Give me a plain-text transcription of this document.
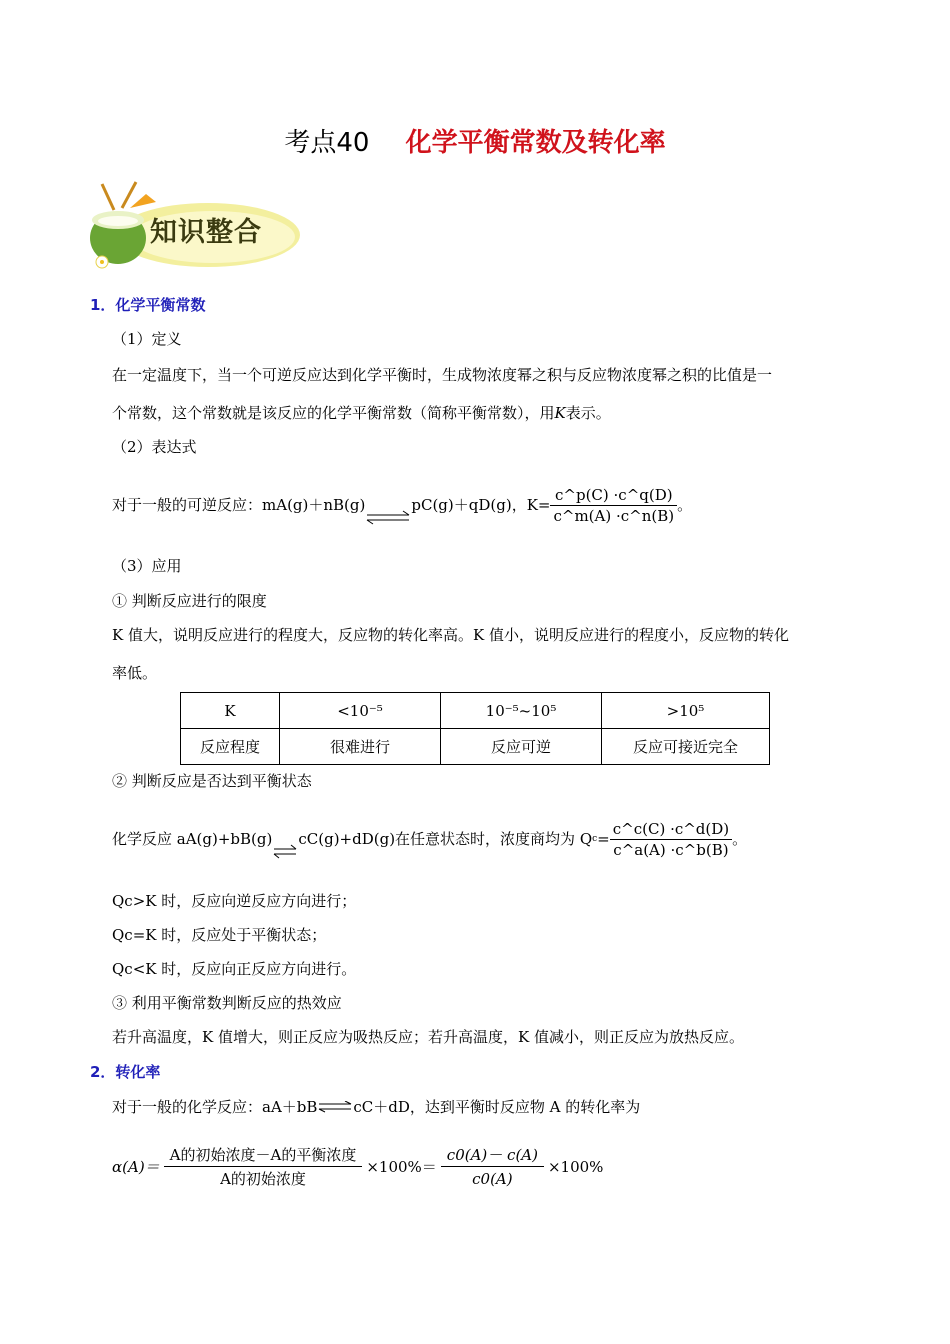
考点40 化学平衡常数及转化率
知识整合
1．化学平衡常数
（1）定义
在一定温度下，当一个可逆反应达到化学平衡时，生成物浓度幂之积与反应物浓度幂之积的比值是一
个常数，这个常数就是该反应的化学平衡常数（简称平衡常数），用K表示。
（2）表达式
对于一般的可逆反应： mA(g)＋nB(g)	pC(g)＋qD(g)，$K= \frac{c\^{}p(C) \cdot c\^{}q(D)}{c\^{}m(A) \cdot c\^{}n(B)}$ 。
（3）应用
① 判断反应进行的限度
K 值大，说明反应进行的程度大，反应物的转化率高。K 值小，说明反应进行的程度小，反应物的转化
率低。
K	<10⁻⁵	10⁻⁵~10⁵	>10⁵
反应程度	很难进行	反应可逆	反应可接近完全
② 判断反应是否达到平衡状态
化学反应 aA(g)+bB(g) cC(g)+dD(g)在任意状态时，浓度商均为 Q $c = \frac{c\^{}c(C) \cdot c\^{}d(D)}{c\^{}a(A) \cdot c\^{}b(B)}$ 。
Qc>K 时，反应向逆反应方向进行；
Qc=K 时，反应处于平衡状态；
Qc<K 时，反应向正反应方向进行。
③ 利用平衡常数判断反应的热效应
若升高温度，K 值增大，则正反应为吸热反应；若升高温度，K 值减小，则正反应为放热反应。
2．转化率
对于一般的化学反应：aA＋bB ⇌ cC＋dD，达到平衡时反应物 A 的转化率为
$\alpha(A)= \frac{\text{A的初始浓度－A的平衡浓度}}{\text{A的初始浓度}} \times 100\%= \frac{c0(A)- c(A)}{c0(A)} \times 100\%$
